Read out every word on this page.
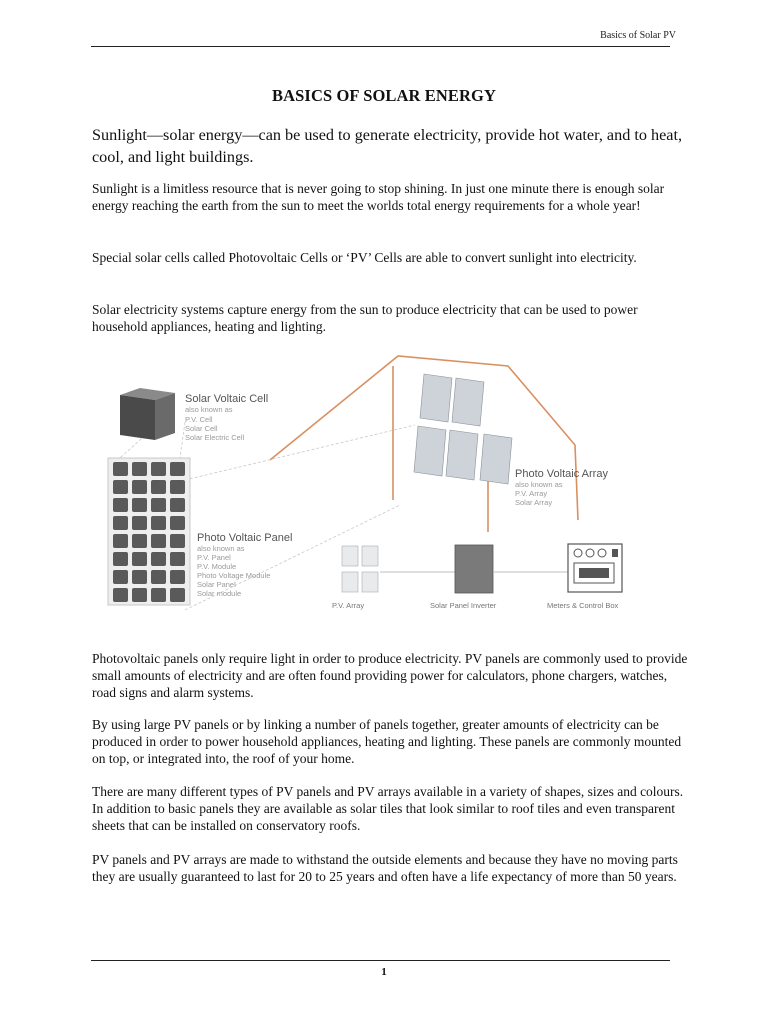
Basics of Solar PV
BASICS OF SOLAR ENERGY

Sunlight—solar energy—can be used to generate electricity, provide hot water, and to heat, cool, and light buildings.

Sunlight is a limitless resource that is never going to stop shining. In just one minute there is enough solar energy reaching the earth from the sun to meet the worlds total energy requirements for a whole year!

Special solar cells called Photovoltaic Cells or ‘PV’ Cells are able to convert sunlight into electricity.

Solar electricity systems capture energy from the sun to produce electricity that can be used to power household appliances, heating and lighting.

Solar Voltaic Cell
also known as
P.V. Cell
Solar Cell
Solar Electric Cell
Photo Voltaic Array
also known as
P.V. Array
Solar Array
Photo Voltaic Panel
also known as
P.V. Panel
P.V. Module
Photo Voltage Module
Solar Panel
Solar module
P.V. Array	Solar Panel Inverter	Meters & Control Box

Photovoltaic panels only require light in order to produce electricity. PV panels are commonly used to provide small amounts of electricity and are often found providing power for calculators, phone chargers, watches, road signs and alarm systems.

By using large PV panels or by linking a number of panels together, greater amounts of electricity can be produced in order to power household appliances, heating and lighting. These panels are commonly mounted on top, or integrated into, the roof of your home.

There are many different types of PV panels and PV arrays available in a variety of shapes, sizes and colours. In addition to basic panels they are available as solar tiles that look similar to roof tiles and even transparent sheets that can be installed on conservatory roofs.

PV panels and PV arrays are made to withstand the outside elements and because they have no moving parts they are usually guaranteed to last for 20 to 25 years and often have a life expectancy of more than 50 years.

1
